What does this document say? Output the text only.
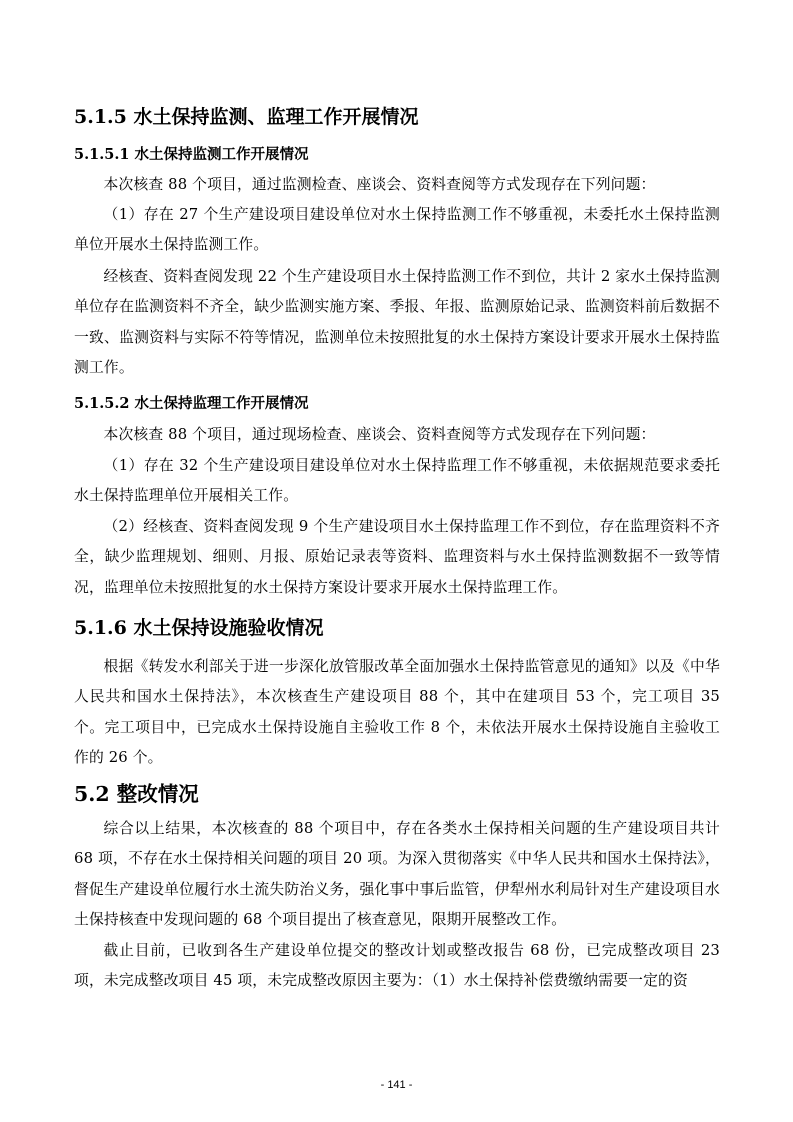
5.1.5 水土保持监测、监理工作开展情况
5.1.5.1 水土保持监测工作开展情况
本次核查 88 个项目，通过监测检查、座谈会、资料查阅等方式发现存在下列问题：
（1）存在 27 个生产建设项目建设单位对水土保持监测工作不够重视，未委托水土保持监测单位开展水土保持监测工作。
经核查、资料查阅发现 22 个生产建设项目水土保持监测工作不到位，共计 2 家水土保持监测单位存在监测资料不齐全，缺少监测实施方案、季报、年报、监测原始记录、监测资料前后数据不一致、监测资料与实际不符等情况，监测单位未按照批复的水土保持方案设计要求开展水土保持监测工作。
5.1.5.2 水土保持监理工作开展情况
本次核查 88 个项目，通过现场检查、座谈会、资料查阅等方式发现存在下列问题：
（1）存在 32 个生产建设项目建设单位对水土保持监理工作不够重视，未依据规范要求委托水土保持监理单位开展相关工作。
（2）经核查、资料查阅发现 9 个生产建设项目水土保持监理工作不到位，存在监理资料不齐全，缺少监理规划、细则、月报、原始记录表等资料、监理资料与水土保持监测数据不一致等情况，监理单位未按照批复的水土保持方案设计要求开展水土保持监理工作。
5.1.6 水土保持设施验收情况
根据《转发水利部关于进一步深化放管服改革全面加强水土保持监管意见的通知》以及《中华人民共和国水土保持法》，本次核查生产建设项目 88 个，其中在建项目 53 个，完工项目 35 个。完工项目中，已完成水土保持设施自主验收工作 8 个，未依法开展水土保持设施自主验收工作的 26 个。
5.2 整改情况
综合以上结果，本次核查的 88 个项目中，存在各类水土保持相关问题的生产建设项目共计 68 项，不存在水土保持相关问题的项目 20 项。为深入贯彻落实《中华人民共和国水土保持法》，督促生产建设单位履行水土流失防治义务，强化事中事后监管，伊犁州水利局针对生产建设项目水土保持核查中发现问题的 68 个项目提出了核查意见，限期开展整改工作。
截止目前，已收到各生产建设单位提交的整改计划或整改报告 68 份，已完成整改项目 23 项，未完成整改项目 45 项，未完成整改原因主要为：（1）水土保持补偿费缴纳需要一定的资
- 141 -
